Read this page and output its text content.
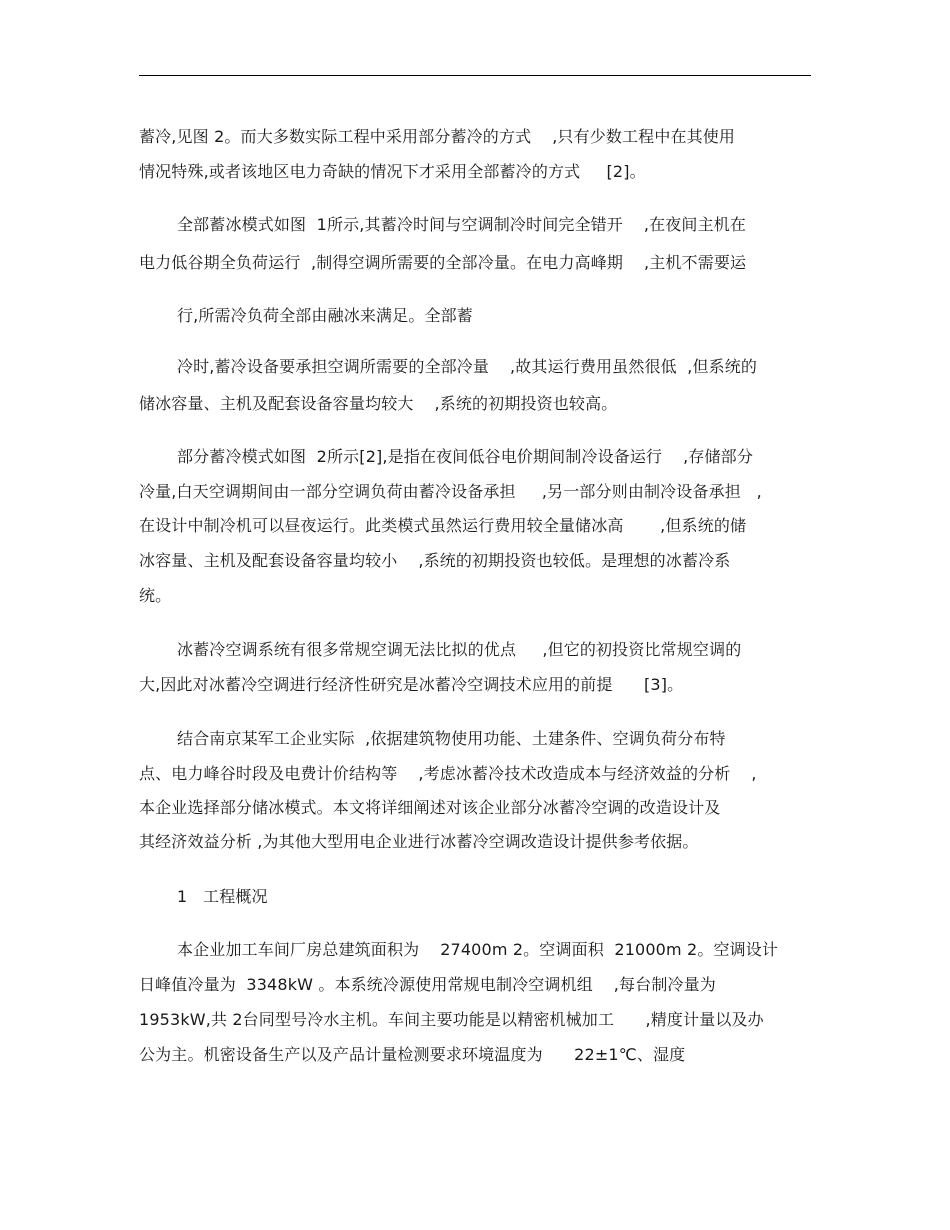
蓄冷,见图 2。而大多数实际工程中采用部分蓄冷的方式    ,只有少数工程中在其使用
情况特殊,或者该地区电力奇缺的情况下才采用全部蓄冷的方式     [2]。
全部蓄冰模式如图  1所示,其蓄冷时间与空调制冷时间完全错开    ,在夜间主机在
电力低谷期全负荷运行  ,制得空调所需要的全部冷量。在电力高峰期    ,主机不需要运
行,所需冷负荷全部由融冰来满足。全部蓄
冷时,蓄冷设备要承担空调所需要的全部冷量    ,故其运行费用虽然很低  ,但系统的
储冰容量、主机及配套设备容量均较大    ,系统的初期投资也较高。
部分蓄冷模式如图  2所示[2],是指在夜间低谷电价期间制冷设备运行    ,存储部分
冷量,白天空调期间由一部分空调负荷由蓄冷设备承担     ,另一部分则由制冷设备承担   ,
在设计中制冷机可以昼夜运行。此类模式虽然运行费用较全量储冰高       ,但系统的储
冰容量、主机及配套设备容量均较小    ,系统的初期投资也较低。是理想的冰蓄冷系
统。
冰蓄冷空调系统有很多常规空调无法比拟的优点     ,但它的初投资比常规空调的
大,因此对冰蓄冷空调进行经济性研究是冰蓄冷空调技术应用的前提      [3]。
结合南京某军工企业实际  ,依据建筑物使用功能、土建条件、空调负荷分布特
点、电力峰谷时段及电费计价结构等    ,考虑冰蓄冷技术改造成本与经济效益的分析    ,
本企业选择部分储冰模式。本文将详细阐述对该企业部分冰蓄冷空调的改造设计及
其经济效益分析 ,为其他大型用电企业进行冰蓄冷空调改造设计提供参考依据。
1   工程概况
本企业加工车间厂房总建筑面积为    27400m 2。空调面积  21000m 2。空调设计
日峰值冷量为  3348kW 。本系统冷源使用常规电制冷空调机组    ,每台制冷量为
1953kW,共 2台同型号冷水主机。车间主要功能是以精密机械加工      ,精度计量以及办
公为主。机密设备生产以及产品计量检测要求环境温度为      22±1℃、湿度
